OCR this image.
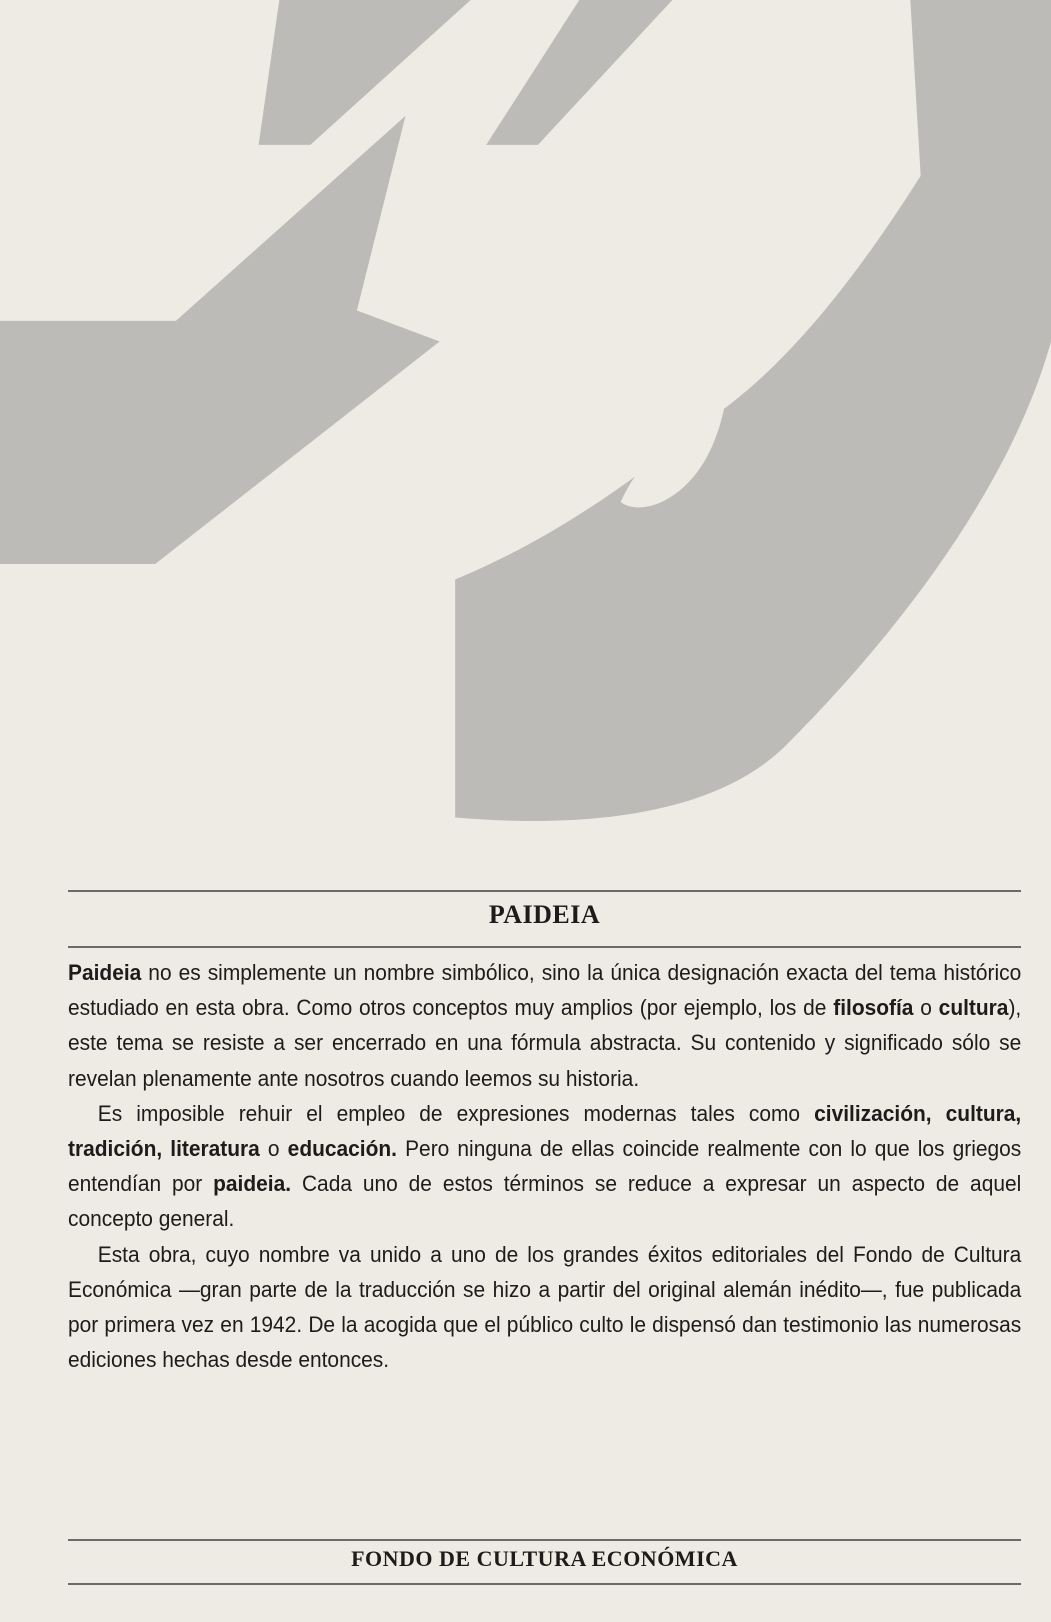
PAIDEIA

Paideia no es simplemente un nombre simbólico, sino la única designación exacta del tema histórico estudiado en esta obra. Como otros conceptos muy amplios (por ejemplo, los de filosofía o cultura), este tema se resiste a ser encerrado en una fórmula abstracta. Su contenido y significado sólo se revelan plenamente ante nosotros cuando leemos su historia.

Es imposible rehuir el empleo de expresiones modernas tales como civilización, cultura, tradición, literatura o educación. Pero ninguna de ellas coincide realmente con lo que los griegos entendían por paideia. Cada uno de estos términos se reduce a expresar un aspecto de aquel concepto general.

Esta obra, cuyo nombre va unido a uno de los grandes éxitos editoriales del Fondo de Cultura Económica —gran parte de la traducción se hizo a partir del original alemán inédito—, fue publicada por primera vez en 1942. De la acogida que el público culto le dispensó dan testimonio las numerosas ediciones hechas desde entonces.

FONDO DE CULTURA ECONÓMICA
